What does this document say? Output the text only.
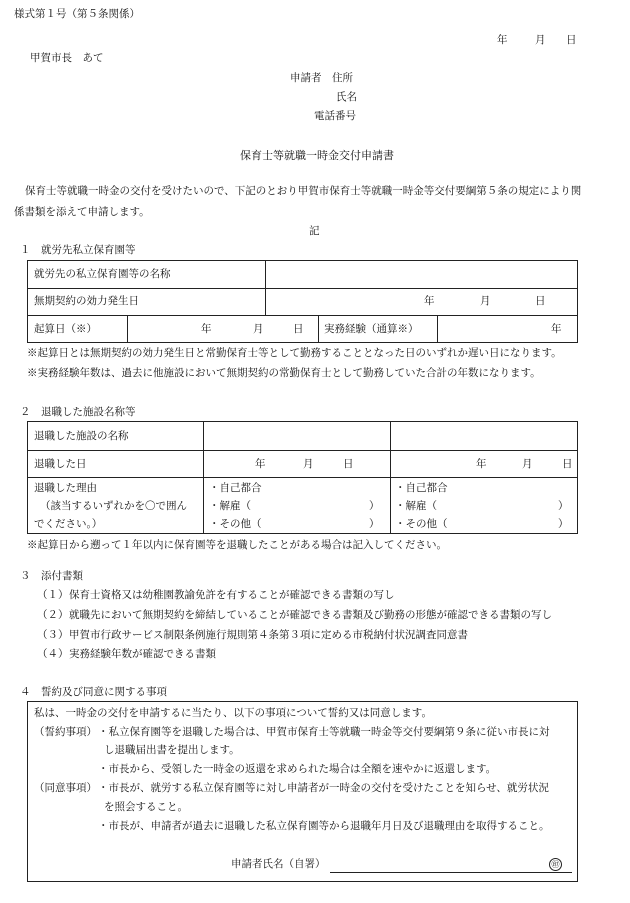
様式第１号（第５条関係）
年	月 日
甲賀市長　あて
申請者　住所
氏名
電話番号
保育士等就職一時金交付申請書
保育士等就職一時金の交付を受けたいので、下記のとおり甲賀市保育士等就職一時金等交付要綱第５条の規定により関
係書類を添えて申請します。
記
１　就労先私立保育園等
就労先の私立保育園等の名称
無期契約の効力発生日	年	月	日
起算日（※）	年	月	日 実務経験（通算※）	年
※起算日とは無期契約の効力発生日と常勤保育士等として勤務することとなった日のいずれか遅い日になります。
※実務経験年数は、過去に他施設において無期契約の常勤保育士として勤務していた合計の年数になります。
２　退職した施設名称等
退職した施設の名称
退職した日	年	月	日	年	月	日
退職した理由
（該当するいずれかを〇で囲ん
でください。）
・自己都合
・解雇（	）
・その他（	）
・自己都合
・解雇（	）
・その他（	）
※起算日から遡って１年以内に保育園等を退職したことがある場合は記入してください。
３　添付書類
（１） 保育士資格又は幼稚園教諭免許を有することが確認できる書類の写し
（２） 就職先において無期契約を締結していることが確認できる書類及び勤務の形態が確認できる書類の写し
（３） 甲賀市行政サービス制限条例施行規則第４条第３項に定める市税納付状況調査同意書
（４） 実務経験年数が確認できる書類
４　誓約及び同意に関する事項
私は、一時金の交付を申請するに当たり、以下の事項について誓約又は同意します。
（誓約事項） ・私立保育園等を退職した場合は、甲賀市保育士等就職一時金等交付要綱第９条に従い市長に対
し退職届出書を提出します。
・市長から、受領した一時金の返還を求められた場合は全額を速やかに返還します。
（同意事項） ・市長が、就労する私立保育園等に対し申請者が一時金の交付を受けたことを知らせ、就労状況
を照会すること。
・市長が、申請者が過去に退職した私立保育園等から退職年月日及び退職理由を取得すること。
申請者氏名（自署）	㊞
